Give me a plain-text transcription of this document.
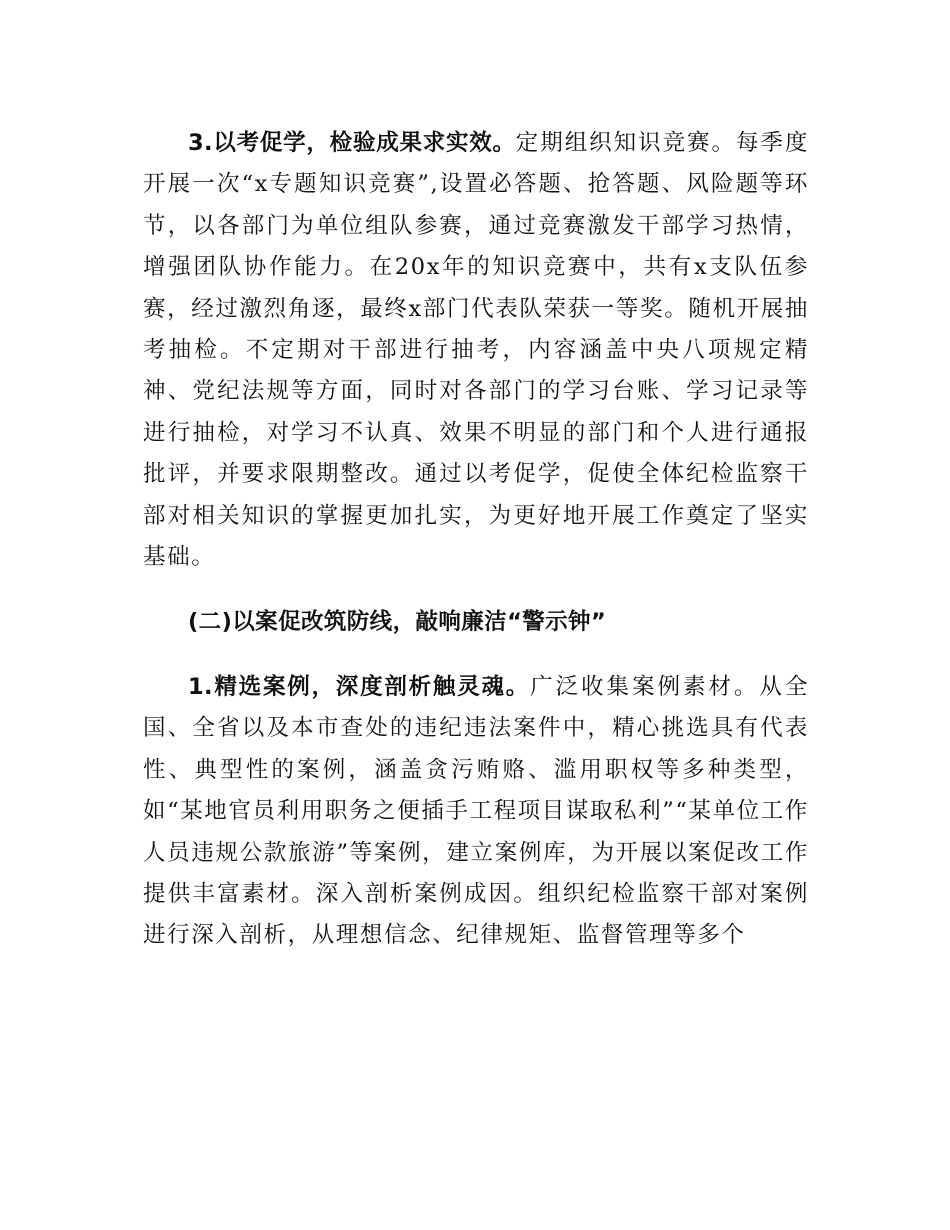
3.以考促学，检验成果求实效。定期组织知识竞赛。每季度开展一次“x专题知识竞赛”,设置必答题、抢答题、风险题等环节，以各部门为单位组队参赛，通过竞赛激发干部学习热情，增强团队协作能力。在20x年的知识竞赛中，共有x支队伍参赛，经过激烈角逐，最终x部门代表队荣获一等奖。随机开展抽考抽检。不定期对干部进行抽考，内容涵盖中央八项规定精神、党纪法规等方面，同时对各部门的学习台账、学习记录等进行抽检，对学习不认真、效果不明显的部门和个人进行通报批评，并要求限期整改。通过以考促学，促使全体纪检监察干部对相关知识的掌握更加扎实，为更好地开展工作奠定了坚实基础。

(二)以案促改筑防线，敲响廉洁“警示钟”

1.精选案例，深度剖析触灵魂。广泛收集案例素材。从全国、全省以及本市查处的违纪违法案件中，精心挑选具有代表性、典型性的案例，涵盖贪污贿赂、滥用职权等多种类型，如“某地官员利用职务之便插手工程项目谋取私利”“某单位工作人员违规公款旅游”等案例，建立案例库，为开展以案促改工作提供丰富素材。深入剖析案例成因。组织纪检监察干部对案例进行深入剖析，从理想信念、纪律规矩、监督管理等多个
